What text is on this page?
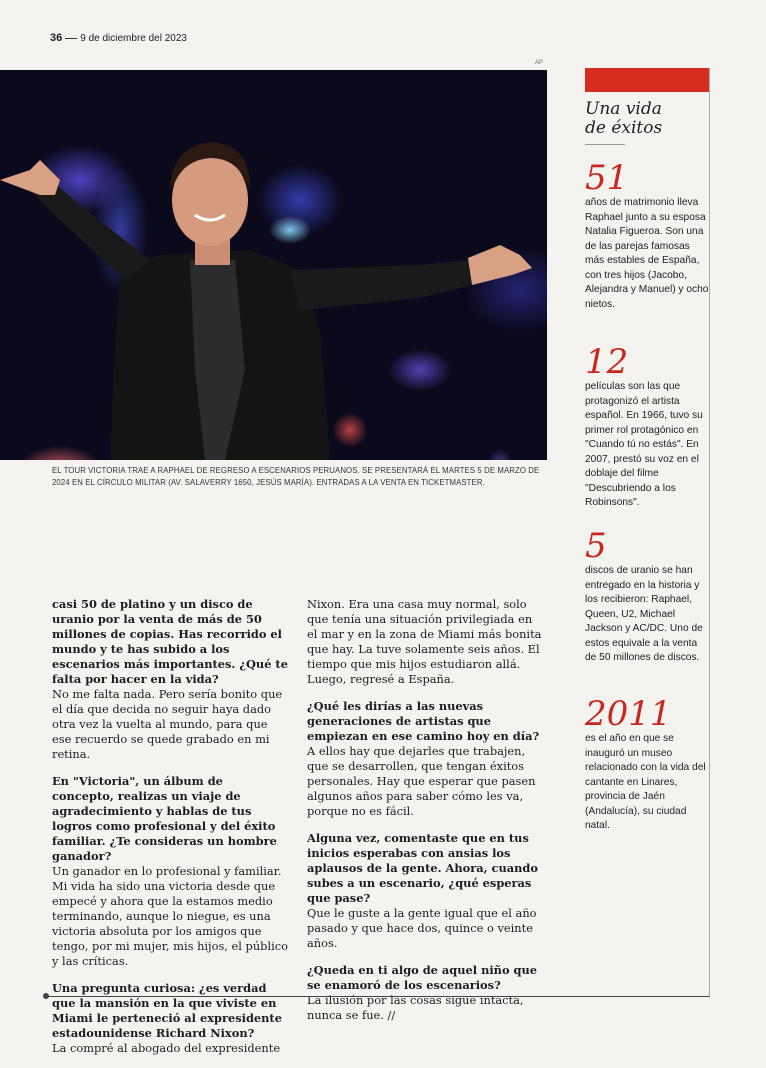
36 9 de diciembre del 2023
AP
EL TOUR VICTORIA TRAE A RAPHAEL DE REGRESO A ESCENARIOS PERUANOS. SE PRESENTARÁ EL MARTES 5 DE MARZO DE 2024 EN EL CÍRCULO MILITAR (AV. SALAVERRY 1650, JESÚS MARÍA). ENTRADAS A LA VENTA EN TICKETMASTER.
Una vida
de éxitos
51
años de matrimonio lleva Raphael junto a su esposa Natalia Figueroa. Son una de las parejas famosas más estables de España, con tres hijos (Jacobo, Alejandra y Manuel) y ocho nietos.
12
películas son las que protagonizó el artista español. En 1966, tuvo su primer rol protagónico en "Cuando tú no estás". En 2007, prestó su voz en el doblaje del filme "Descubriendo a los Robinsons".
5
discos de uranio se han entregado en la historia y los recibieron: Raphael, Queen, U2, Michael Jackson y AC/DC. Uno de estos equivale a la venta de 50 millones de discos.
2011
es el año en que se inauguró un museo relacionado con la vida del cantante en Linares, provincia de Jaén (Andalucía), su ciudad natal.

casi 50 de platino y un disco de uranio por la venta de más de 50 millones de copias. Has recorrido el mundo y te has subido a los escenarios más importantes. ¿Qué te falta por hacer en la vida?
No me falta nada. Pero sería bonito que el día que decida no seguir haya dado otra vez la vuelta al mundo, para que ese recuerdo se quede grabado en mi retina.

En "Victoria", un álbum de concepto, realizas un viaje de agradecimiento y hablas de tus logros como profesional y del éxito familiar. ¿Te consideras un hombre ganador?
Un ganador en lo profesional y familiar. Mi vida ha sido una victoria desde que empecé y ahora que la estamos medio terminando, aunque lo niegue, es una victoria absoluta por los amigos que tengo, por mi mujer, mis hijos, el público y las críticas.

Una pregunta curiosa: ¿es verdad que la mansión en la que viviste en Miami le perteneció al expresidente estadounidense Richard Nixon?
La compré al abogado del expresidente

Nixon. Era una casa muy normal, solo que tenía una situación privilegiada en el mar y en la zona de Miami más bonita que hay. La tuve solamente seis años. El tiempo que mis hijos estudiaron allá. Luego, regresé a España.

¿Qué les dirías a las nuevas generaciones de artistas que empiezan en ese camino hoy en día?
A ellos hay que dejarles que trabajen, que se desarrollen, que tengan éxitos personales. Hay que esperar que pasen algunos años para saber cómo les va, porque no es fácil.

Alguna vez, comentaste que en tus inicios esperabas con ansias los aplausos de la gente. Ahora, cuando subes a un escenario, ¿qué esperas que pase?
Que le guste a la gente igual que el año pasado y que hace dos, quince o veinte años.

¿Queda en ti algo de aquel niño que se enamoró de los escenarios?
La ilusión por las cosas sigue intacta, nunca se fue. //
